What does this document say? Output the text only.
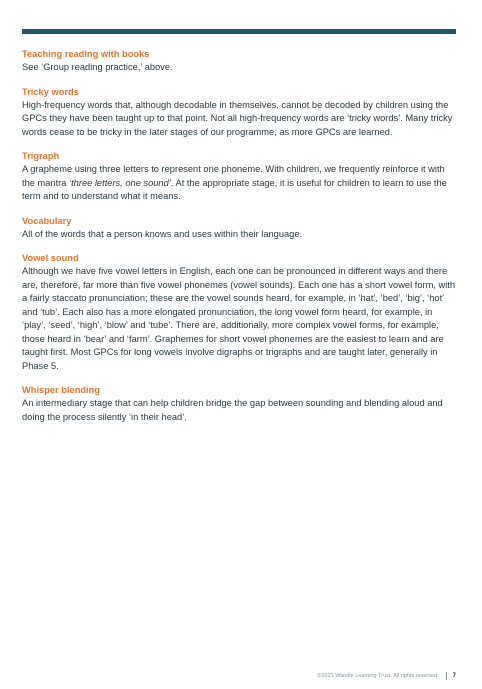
Teaching reading with books

See ‘Group reading practice,’ above.

Tricky words

High-frequency words that, although decodable in themselves, cannot be decoded by children using the GPCs they have been taught up to that point. Not all high-frequency words are ‘tricky words’. Many tricky words cease to be tricky in the later stages of our programme, as more GPCs are learned.

Trigraph

A grapheme using three letters to represent one phoneme. With children, we frequently reinforce it with the mantra ‘three letters, one sound’. At the appropriate stage, it is useful for children to learn to use the term and to understand what it means.

Vocabulary

All of the words that a person knows and uses within their language.

Vowel sound

Although we have five vowel letters in English, each one can be pronounced in different ways and there are, therefore, far more than five vowel phonemes (vowel sounds). Each one has a short vowel form, with a fairly staccato pronunciation; these are the vowel sounds heard, for example, in ‘hat’, ‘bed’, ‘big’, ‘hot’ and ‘tub’. Each also has a more elongated pronunciation, the long vowel form heard, for example, in ‘play’, ‘seed’, ‘high’, ‘blow’ and ‘tube’. There are, additionally, more complex vowel forms, for example, those heard in ‘bear’ and ‘farm’. Graphemes for short vowel phonemes are the easiest to learn and are taught first. Most GPCs for long vowels involve digraphs or trigraphs and are taught later, generally in Phase 5.

Whisper blending

An intermediary stage that can help children bridge the gap between sounding and blending aloud and doing the process silently ‘in their head’.

©2021 Wandle Learning Trust. All rights reserved. 7
